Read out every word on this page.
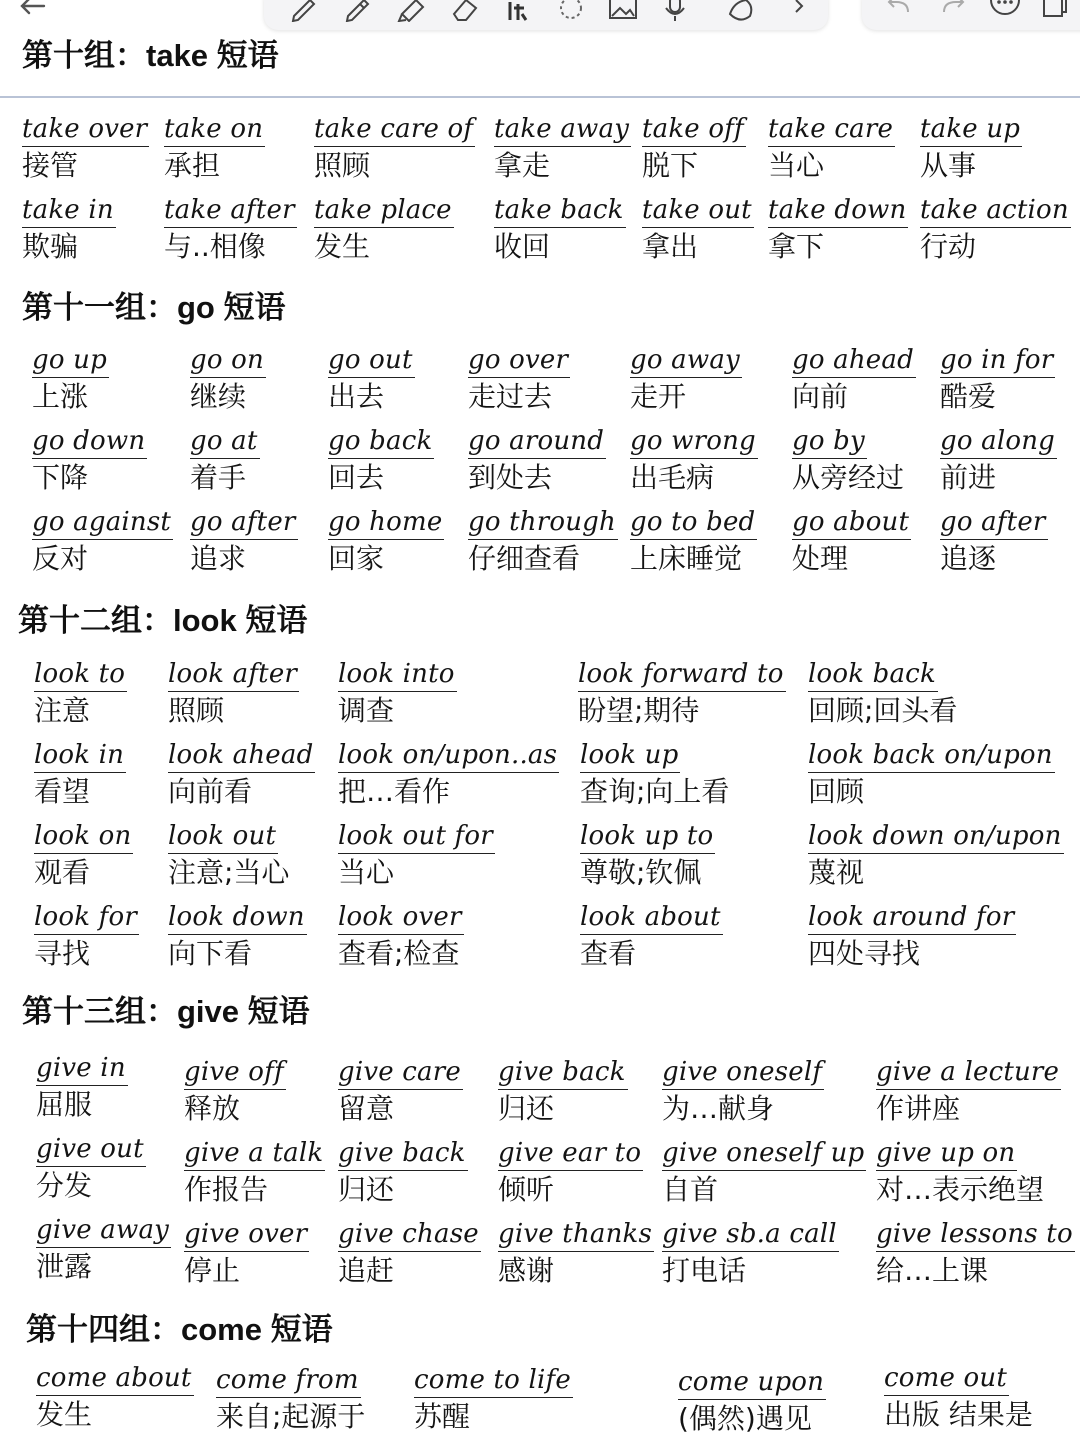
第十组：take 短语
take over
接管
take on
承担
take care of
照顾
take away
拿走
take off
脱下
take care
当心
take up
从事
take in
欺骗
take after
与..相像
take place
发生
take back
收回
take out
拿出
take down
拿下
take action
行动
第十一组：go 短语
go up
上涨
go on
继续
go out
出去
go over
走过去
go away
走开
go ahead
向前
go in for
酷爱
go down
下降
go at
着手
go back
回去
go around
到处去
go wrong
出毛病
go by
从旁经过
go along
前进
go against
反对
go after
追求
go home
回家
go through
仔细查看
go to bed
上床睡觉
go about
处理
go after
追逐
第十二组：look 短语
look to
注意
look after
照顾
look into
调查
look forward to
盼望;期待
look back
回顾;回头看
look in
看望
look ahead
向前看
look on/upon..as
把…看作
look up
查询;向上看
look back on/upon
回顾
look on
观看
look out
注意;当心
look out for
当心
look up to
尊敬;钦佩
look down on/upon
蔑视
look for
寻找
look down
向下看
look over
查看;检查
look about
查看
look around for
四处寻找
第十三组：give 短语
give in
屈服
give off
释放
give care
留意
give back
归还
give oneself
为…献身
give a lecture
作讲座
give out
分发
give a talk
作报告
give back
归还
give ear to
倾听
give oneself up
自首
give up on
对…表示绝望
give away
泄露
give over
停止
give chase
追赶
give thanks
感谢
give sb.a call
打电话
give lessons to
给…上课
第十四组：come 短语
come about
发生
come from
来自;起源于
come to life
苏醒
come upon
(偶然)遇见
come out
出版 结果是
